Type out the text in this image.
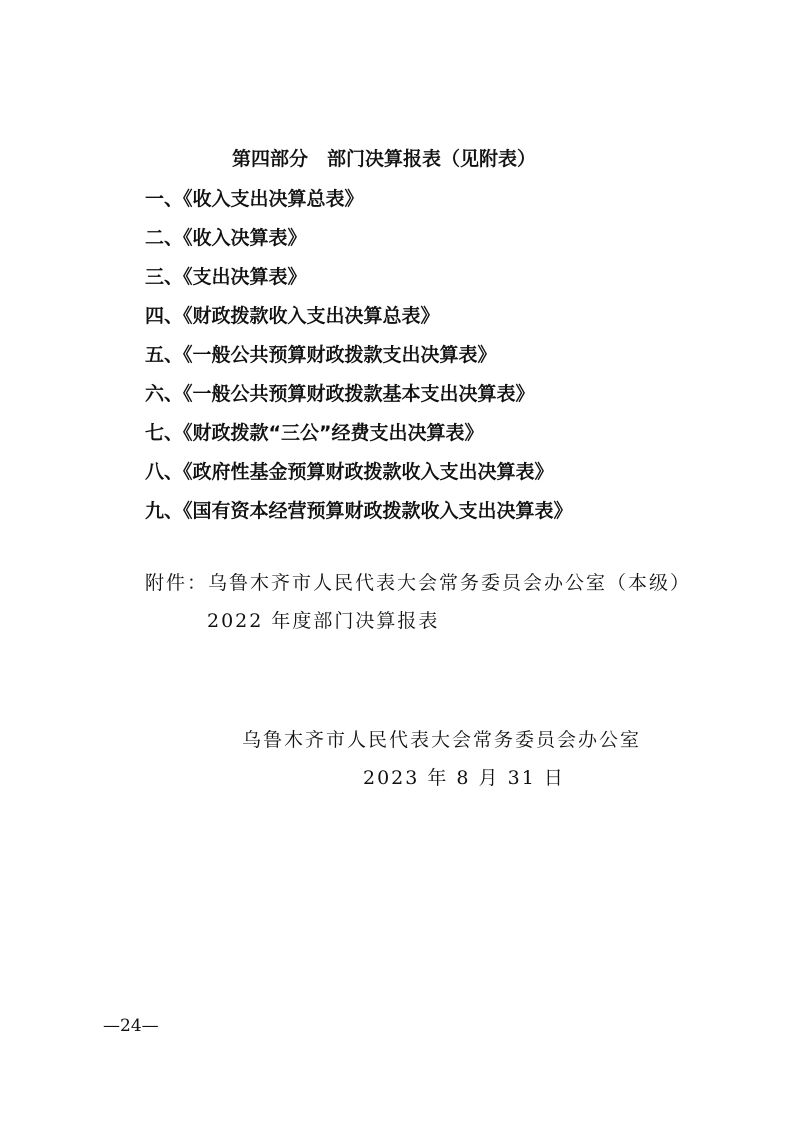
第四部分　部门决算报表（见附表）
一、《收入支出决算总表》
二、《收入决算表》
三、《支出决算表》
四、《财政拨款收入支出决算总表》
五、《一般公共预算财政拨款支出决算表》
六、《一般公共预算财政拨款基本支出决算表》
七、《财政拨款“三公”经费支出决算表》
八、《政府性基金预算财政拨款收入支出决算表》
九、《国有资本经营预算财政拨款收入支出决算表》
附件：乌鲁木齐市人民代表大会常务委员会办公室（本级）
2022 年度部门决算报表
乌鲁木齐市人民代表大会常务委员会办公室
2023 年 8 月 31 日
—24—
